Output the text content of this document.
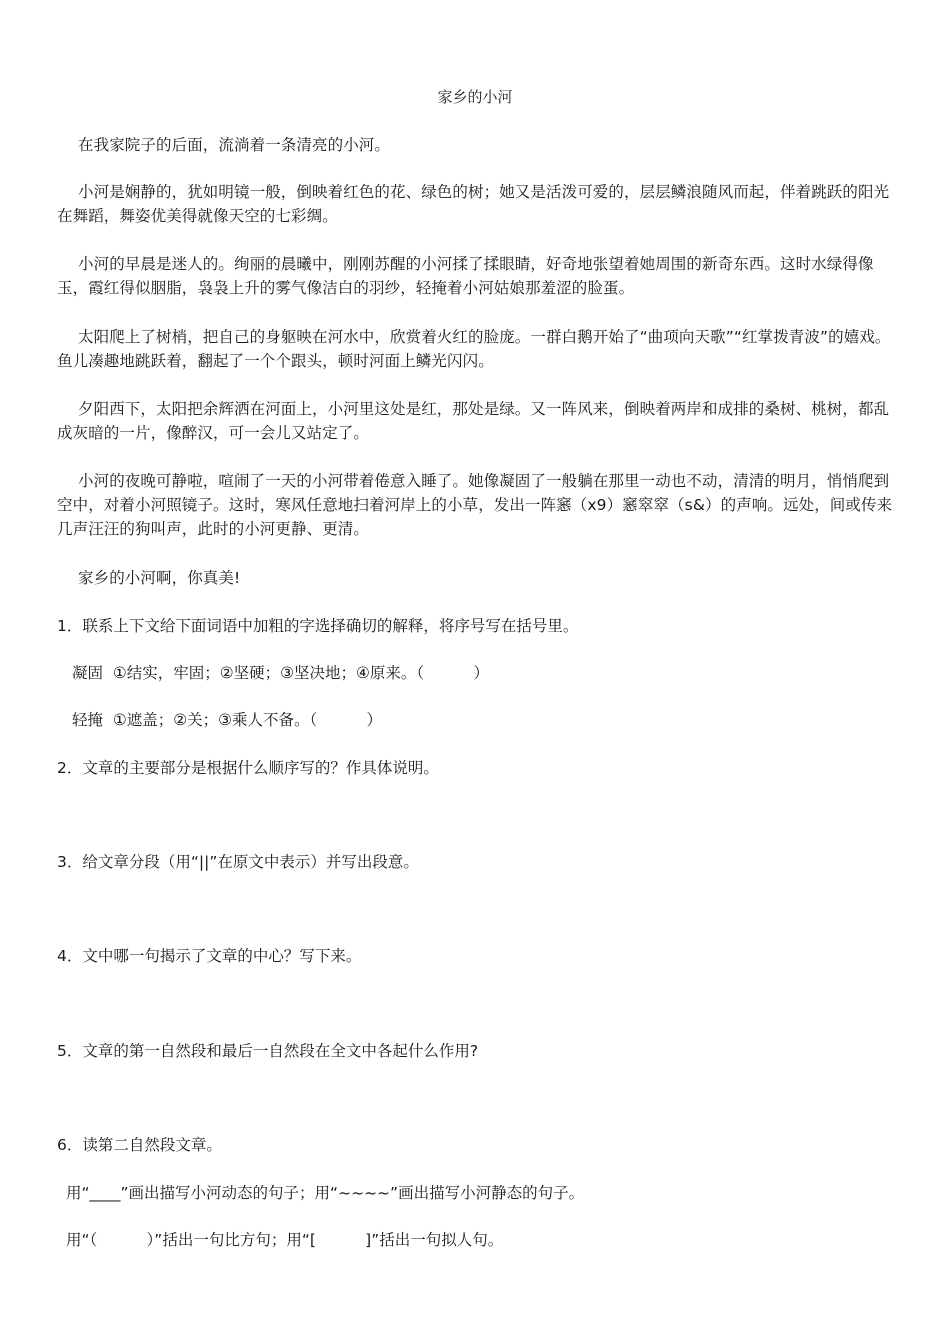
家乡的小河

在我家院子的后面，流淌着一条清亮的小河。

小河是娴静的，犹如明镜一般，倒映着红色的花、绿色的树；她又是活泼可爱的，层层鳞浪随风而起，伴着跳跃的阳光在舞蹈，舞姿优美得就像天空的七彩绸。

小河的早晨是迷人的。绚丽的晨曦中，刚刚苏醒的小河揉了揉眼睛，好奇地张望着她周围的新奇东西。这时水绿得像玉，霞红得似胭脂，袅袅上升的雾气像洁白的羽纱，轻掩着小河姑娘那羞涩的脸蛋。

太阳爬上了树梢，把自己的身躯映在河水中，欣赏着火红的脸庞。一群白鹅开始了“曲项向天歌”“红掌拨青波”的嬉戏。鱼儿凑趣地跳跃着，翻起了一个个跟头，顿时河面上鳞光闪闪。

夕阳西下，太阳把余辉洒在河面上，小河里这处是红，那处是绿。又一阵风来，倒映着两岸和成排的桑树、桃树，都乱成灰暗的一片，像醉汉，可一会儿又站定了。

小河的夜晚可静啦，喧闹了一天的小河带着倦意入睡了。她像凝固了一般躺在那里一动也不动，清清的明月，悄悄爬到空中，对着小河照镜子。这时，寒风任意地扫着河岸上的小草，发出一阵窸（x9）窸窣窣（s&）的声响。远处，间或传来几声汪汪的狗叫声，此时的小河更静、更清。

家乡的小河啊，你真美!

1．联系上下文给下面词语中加粗的字选择确切的解释，将序号写在括号里。

凝固  ①结实，牢固；②坚硬；③坚决地；④原来。（          ）

轻掩  ①遮盖；②关；③乘人不备。（          ）

2．文章的主要部分是根据什么顺序写的？作具体说明。

3．给文章分段（用“||”在原文中表示）并写出段意。

4．文中哪一句揭示了文章的中心？写下来。

5．文章的第一自然段和最后一自然段在全文中各起什么作用?

6．读第二自然段文章。

用“____”画出描写小河动态的句子；用“~~~~”画出描写小河静态的句子。

用“（          ）”括出一句比方句；用“[          ]”括出一句拟人句。
